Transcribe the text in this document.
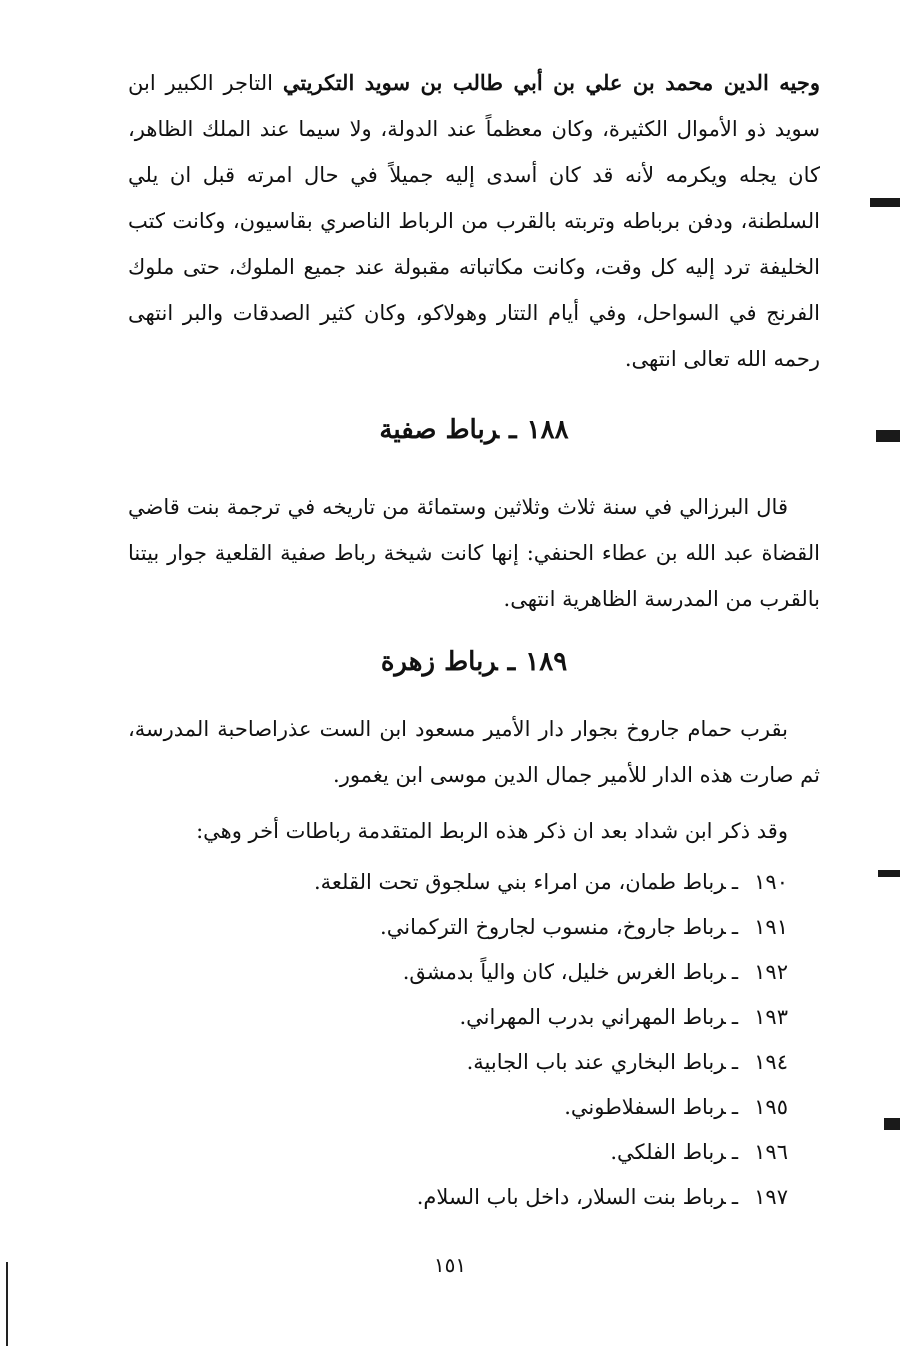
وجيه الدين محمد بن علي بن أبي طالب بن سويد التكريتي التاجر الكبير ابن سويد ذو الأموال الكثيرة، وكان معظماً عند الدولة، ولا سيما عند الملك الظاهر، كان يجله ويكرمه لأنه قد كان أسدى إليه جميلاً في حال امرته قبل ان يلي السلطنة، ودفن برباطه وتربته بالقرب من الرباط الناصري بقاسيون، وكانت كتب الخليفة ترد إليه كل وقت، وكانت مكاتباته مقبولة عند جميع الملوك، حتى ملوك الفرنج في السواحل، وفي أيام التتار وهولاكو، وكان كثير الصدقات والبر انتهى رحمه الله تعالى انتهى.

١٨٨ـرباط صفية

قال البرزالي في سنة ثلاث وثلاثين وستمائة من تاريخه في ترجمة بنت قاضي القضاة عبد الله بن عطاء الحنفي: إنها كانت شيخة رباط صفية القلعية جوار بيتنا بالقرب من المدرسة الظاهرية انتهى.

١٨٩ـرباط زهرة

بقرب حمام جاروخ بجوار دار الأمير مسعود ابن الست عذراصاحبة المدرسة، ثم صارت هذه الدار للأمير جمال الدين موسى ابن يغمور.

وقد ذكر ابن شداد بعد ان ذكر هذه الربط المتقدمة رباطات أخر وهي:

١٩٠ـرباط طمان، من امراء بني سلجوق تحت القلعة.
١٩١ـرباط جاروخ، منسوب لجاروخ التركماني.
١٩٢ـرباط الغرس خليل، كان والياً بدمشق.
١٩٣ـرباط المهراني بدرب المهراني.
١٩٤ـرباط البخاري عند باب الجابية.
١٩٥ـرباط السفلاطوني.
١٩٦ـرباط الفلكي.
١٩٧ـرباط بنت السلار، داخل باب السلام.
١٥١
